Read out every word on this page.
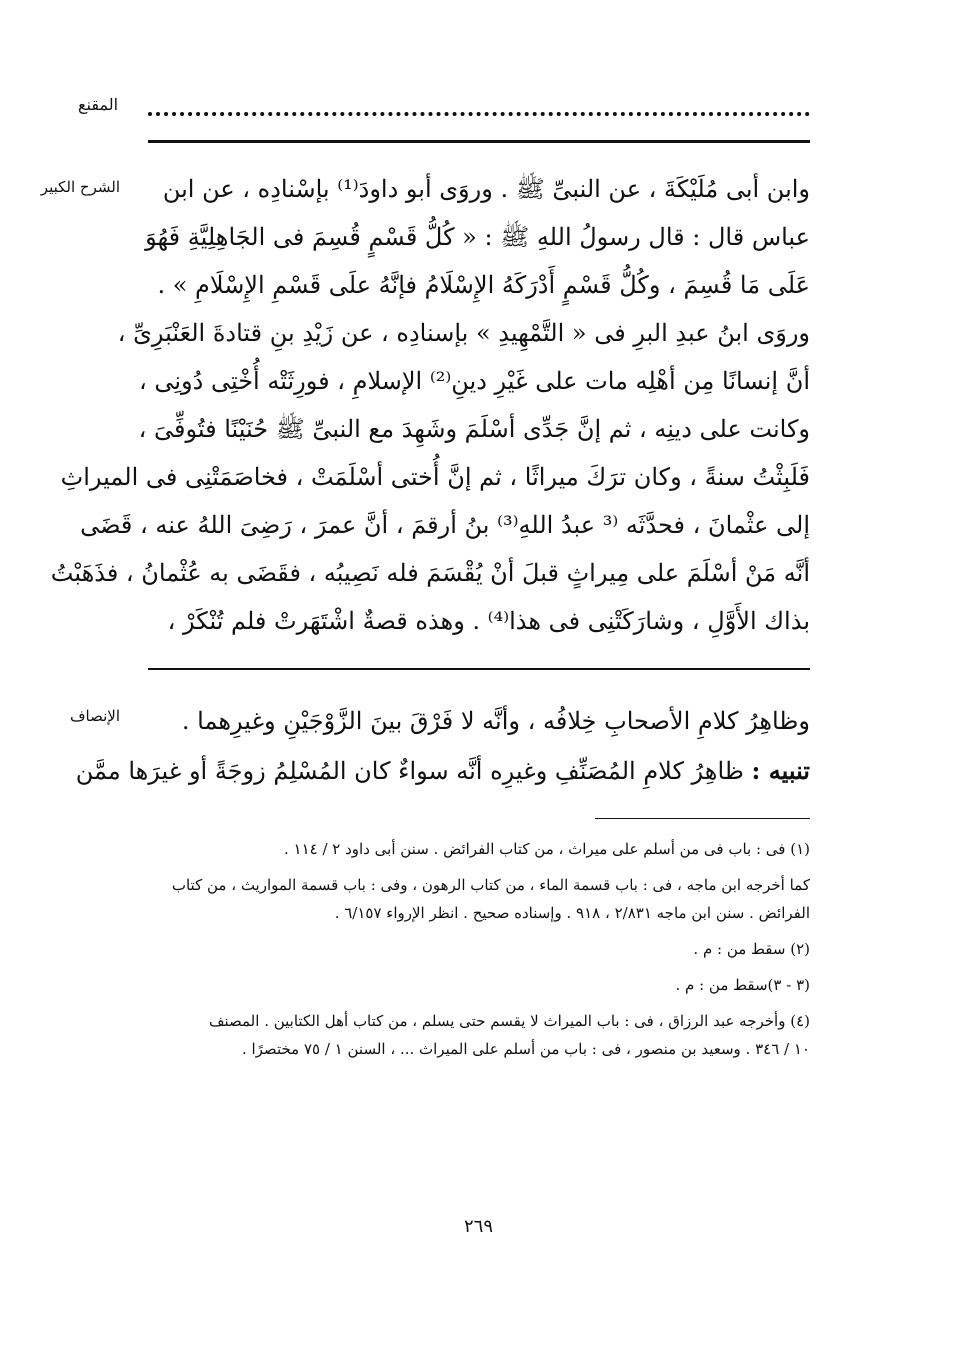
المقنع
الشرح الكبير	وابن أبى مُلَيْكَةَ ، عن النبىِّ ﷺ . وروَى أبو داودَ⁽¹⁾ بإسْنادِه ، عن ابن
عباس قال : قال رسولُ اللهِ ﷺ : « كُلُّ قَسْمٍ قُسِمَ فى الجَاهِلِيَّةِ فَهُوَ
عَلَى مَا قُسِمَ ، وكُلُّ قَسْمٍ أَدْرَكَهُ الإِسْلَامُ فإنَّهُ علَى قَسْمِ الإِسْلَامِ » .
وروَى ابنُ عبدِ البرِ فى « التَّمْهِيدِ » بإسنادِه ، عن زَيْدِ بنِ قتادةَ العَنْبَرِىِّ ،
أنَّ إنسانًا مِن أهْلِه مات على غَيْرِ دينِ⁽²⁾ الإسلامِ ، فورِثَتْه أُخْتِى دُونِى ،
وكانت على دينِه ، ثم إنَّ جَدِّى أسْلَمَ وشَهِدَ مع النبىِّ ﷺ حُنَيْنًا فتُوفِّىَ ،
فَلَبِثْتُ سنةً ، وكان ترَكَ ميراثًا ، ثم إنَّ أُختى أسْلَمَتْ ، فخاصَمَتْنِى فى الميراثِ
إلى عثْمانَ ، فحدَّثَه ⁽³ عبدُ اللهِ⁽³⁾ بنُ أرقمَ ، أنَّ عمرَ ، رَضِىَ اللهُ عنه ، قَضَى
أنَّه مَنْ أسْلَمَ على مِيراثٍ قبلَ أنْ يُقْسَمَ فله نَصِيبُه ، فقَضَى به عُثْمانُ ، فذَهَبْتُ
بذاك الأَوَّلِ ، وشارَكَتْنِى فى هذا⁽⁴⁾ . وهذه قصةٌ اشْتَهَرتْ فلم تُنْكَرْ ،
الإنصاف	وظاهِرُ كلامِ الأصحابِ خِلافُه ، وأنَّه لا فَرْقَ بينَ الزَّوْجَيْنِ وغيرِهما .
تنبيه : ظاهِرُ كلامِ المُصَنِّفِ وغيرِه أنَّه سواءٌ كان المُسْلِمُ زوجَةً أو غيرَها ممَّن
(١) فى : باب فى من أسلم على ميراث ، من كتاب الفرائض . سنن أبى داود ٢ / ١١٤ .
كما أخرجه ابن ماجه ، فى : باب قسمة الماء ، من كتاب الرهون ، وفى : باب قسمة المواريث ، من كتاب
الفرائض . سنن ابن ماجه ٢/٨٣١ ، ٩١٨ . وإسناده صحيح . انظر الإرواء ٦/١٥٧ .
(٢) سقط من : م .
(٣ - ٣)سقط من : م .
(٤) وأخرجه عبد الرزاق ، فى : باب الميراث لا يقسم حتى يسلم ، من كتاب أهل الكتابين . المصنف
١٠ / ٣٤٦ . وسعيد بن منصور ، فى : باب من أسلم على الميراث ... ، السنن ١ / ٧٥ مختصرًا .
٢٦٩
